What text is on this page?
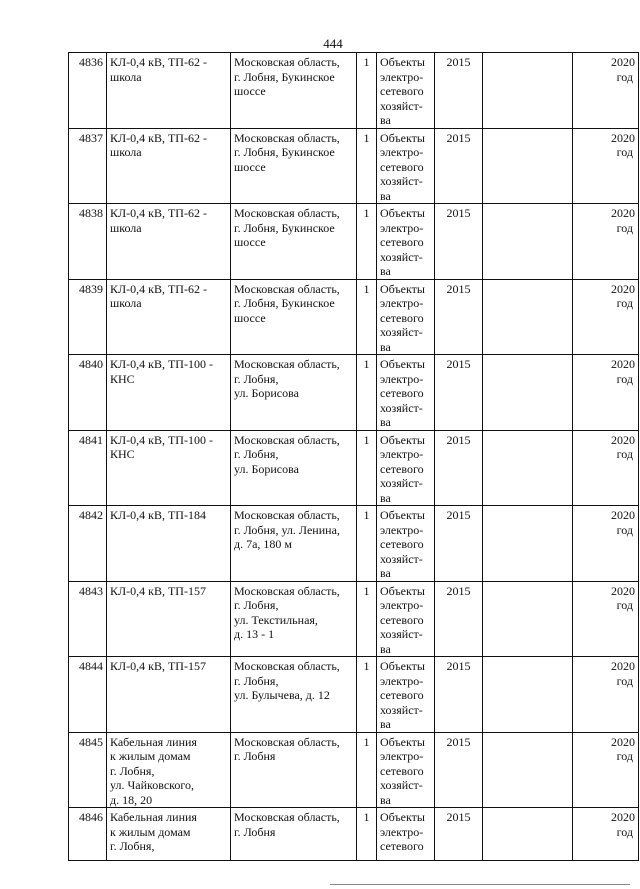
444
4836	КЛ-0,4 кВ, ТП-62 -
школа	Московская область,
г. Лобня, Букинское
шоссе	1	Объекты
электро-
сетевого
хозяйст-
ва	2015		2020
год

4837	КЛ-0,4 кВ, ТП-62 -
школа	Московская область,
г. Лобня, Букинское
шоссе	1	Объекты
электро-
сетевого
хозяйст-
ва	2015		2020
год

4838	КЛ-0,4 кВ, ТП-62 -
школа	Московская область,
г. Лобня, Букинское
шоссе	1	Объекты
электро-
сетевого
хозяйст-
ва	2015		2020
год

4839	КЛ-0,4 кВ, ТП-62 -
школа	Московская область,
г. Лобня, Букинское
шоссе	1	Объекты
электро-
сетевого
хозяйст-
ва	2015		2020
год

4840	КЛ-0,4 кВ, ТП-100 -
КНС	Московская область,
г. Лобня,
ул. Борисова	1	Объекты
электро-
сетевого
хозяйст-
ва	2015		2020
год

4841	КЛ-0,4 кВ, ТП-100 -
КНС	Московская область,
г. Лобня,
ул. Борисова	1	Объекты
электро-
сетевого
хозяйст-
ва	2015		2020
год

4842	КЛ-0,4 кВ, ТП-184	Московская область,
г. Лобня, ул. Ленина,
д. 7а, 180 м	1	Объекты
электро-
сетевого
хозяйст-
ва	2015		2020
год

4843	КЛ-0,4 кВ, ТП-157	Московская область,
г. Лобня,
ул. Текстильная,
д. 13 - 1	1	Объекты
электро-
сетевого
хозяйст-
ва	2015		2020
год

4844	КЛ-0,4 кВ, ТП-157	Московская область,
г. Лобня,
ул. Булычева, д. 12	1	Объекты
электро-
сетевого
хозяйст-
ва	2015		2020
год

4845	Кабельная линия
к жилым домам
г. Лобня,
ул. Чайковского,
д. 18, 20	Московская область,
г. Лобня	1	Объекты
электро-
сетевого
хозяйст-
ва	2015		2020
год

4846	Кабельная линия
к жилым домам
г. Лобня,	Московская область,
г. Лобня	1	Объекты
электро-
сетевого	2015		2020
год
